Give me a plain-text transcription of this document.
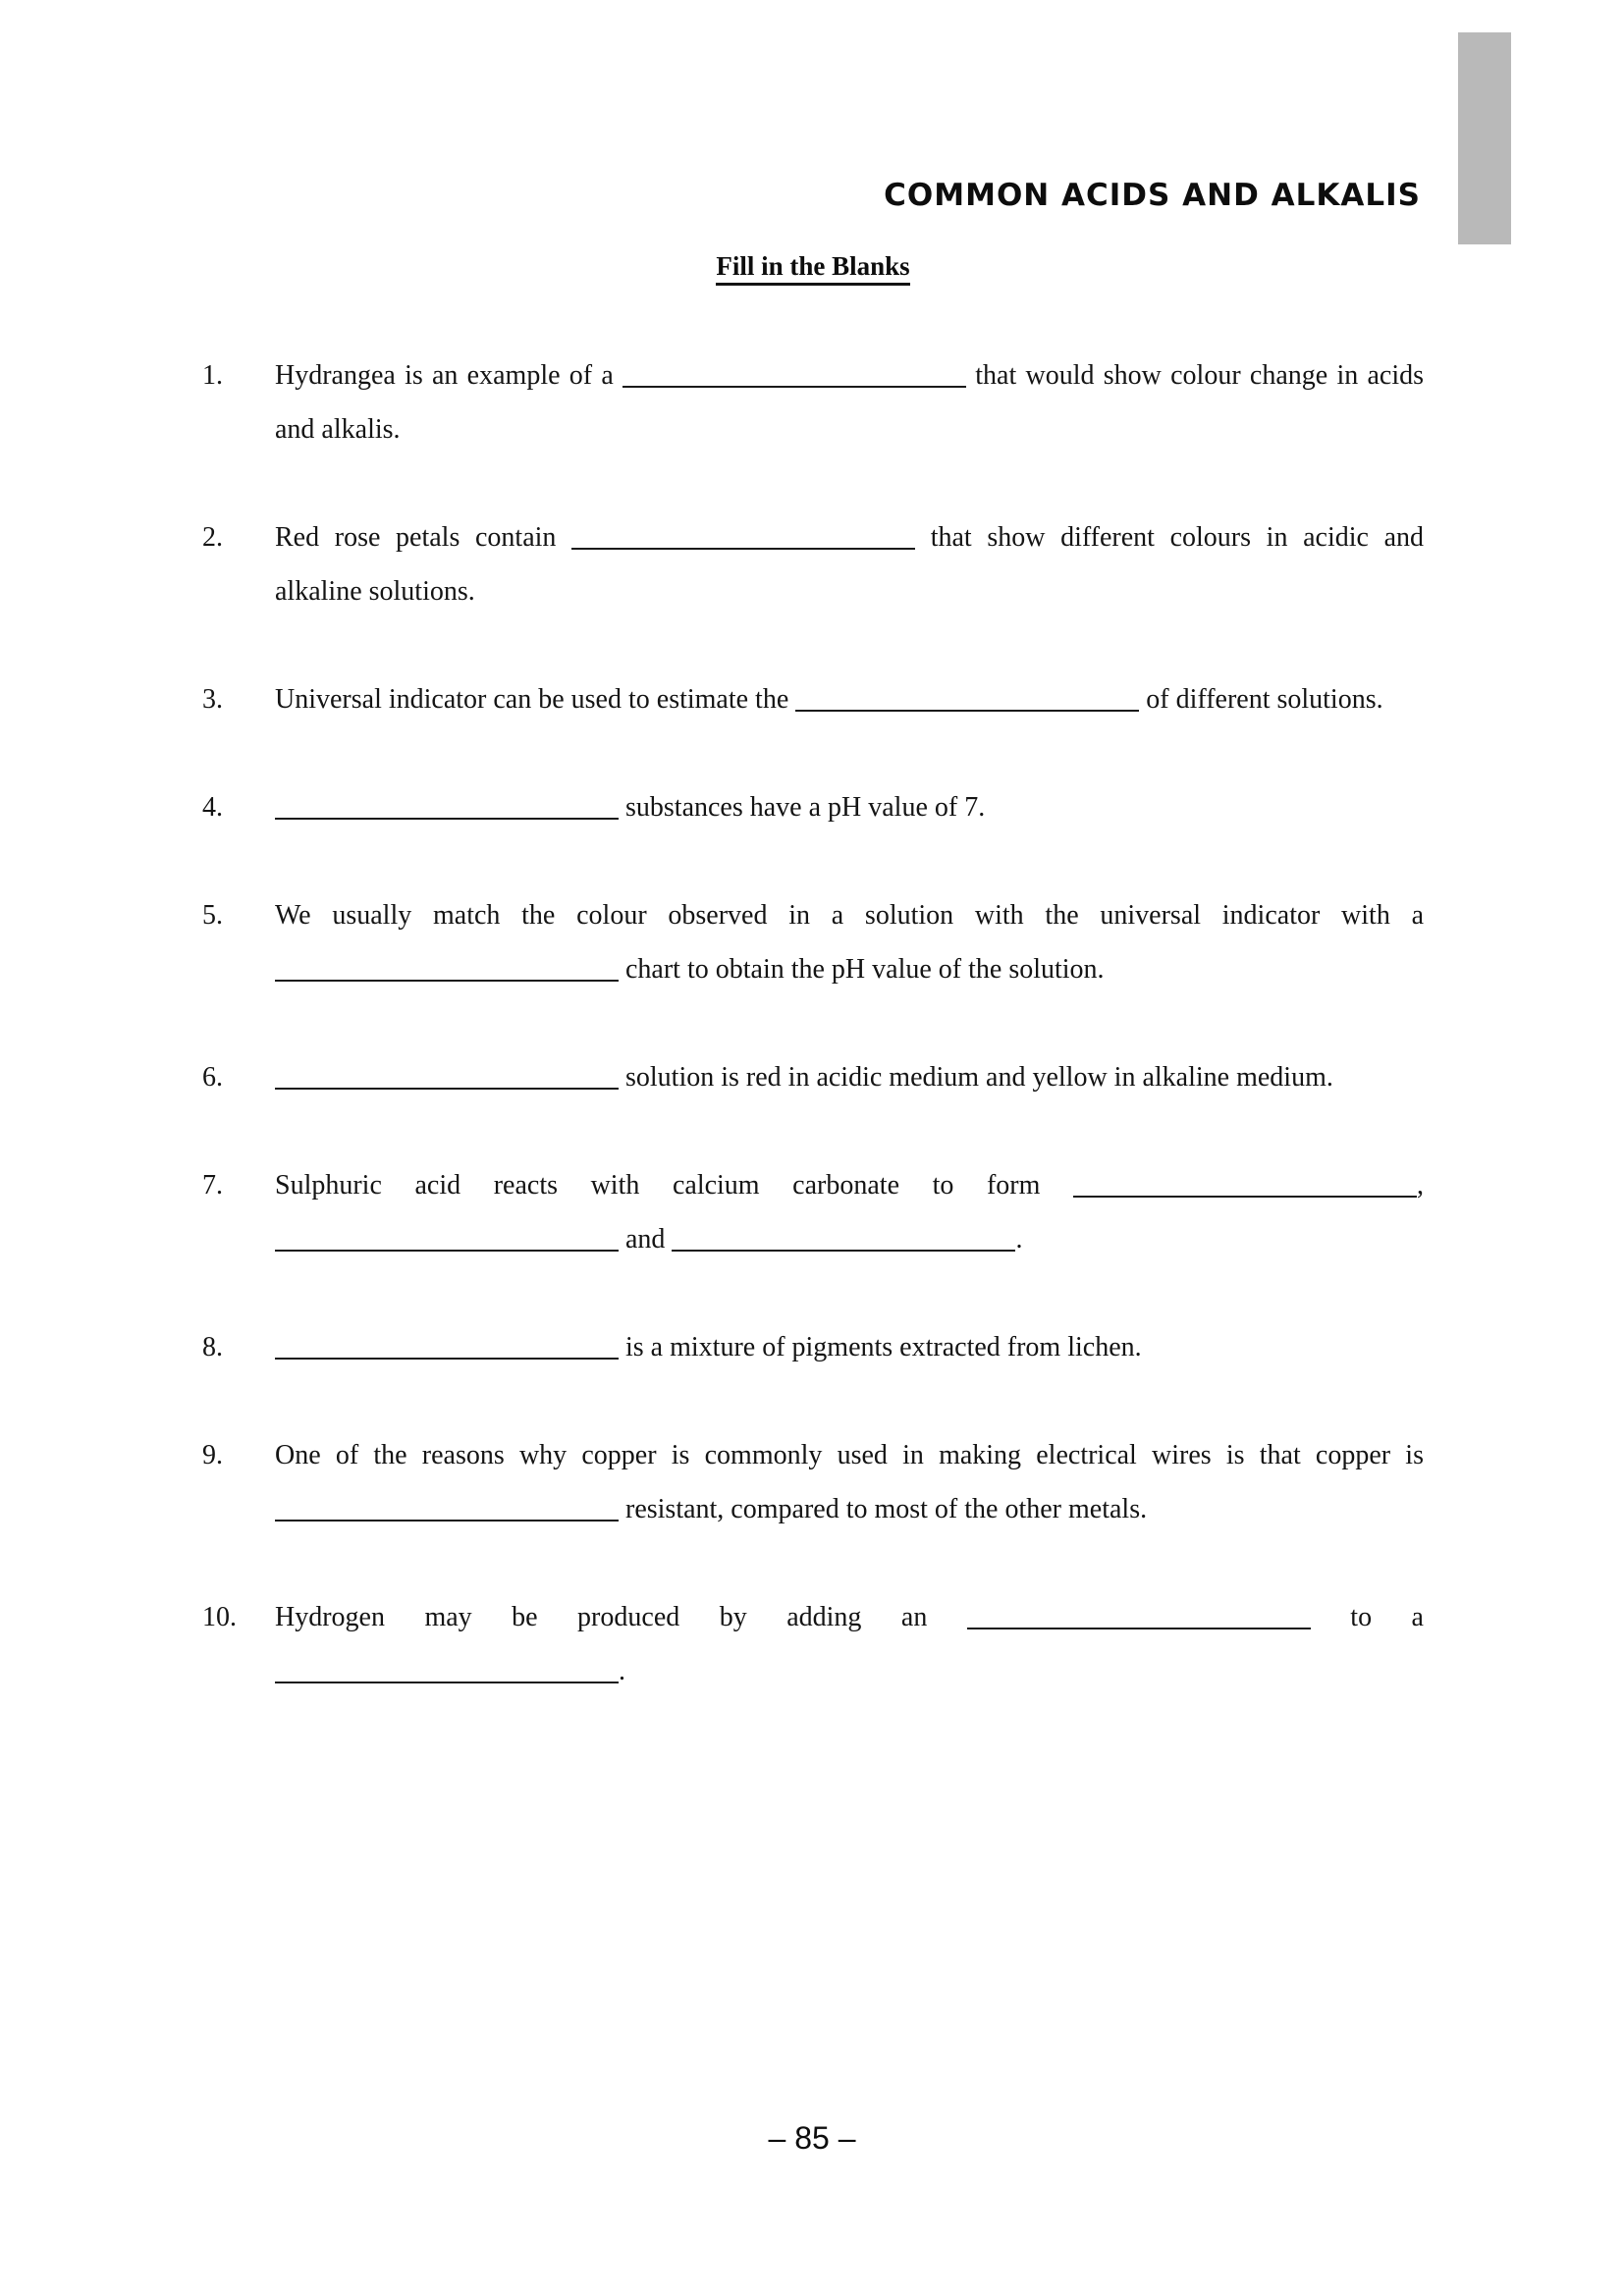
COMMON ACIDS AND ALKALIS
Fill in the Blanks
1.	Hydrangea is an example of a	that would show colour change in acids and alkalis.
2.	Red rose petals contain	that show different colours in acidic and alkaline solutions.
3.	Universal indicator can be used to estimate the	of different solutions.
4.	substances have a pH value of 7.
5.	We usually match the colour observed in a solution with the universal indicator with a  chart to obtain the pH value of the solution.
6.	solution is red in acidic medium and yellow in alkaline medium.
7.	Sulphuric acid reacts with calcium carbonate to form	,  and	.
8.	is a mixture of pigments extracted from lichen.
9.	One of the reasons why copper is commonly used in making electrical wires is that copper is  resistant, compared to most of the other metals.
10.	Hydrogen may be produced by adding an	to a .
– 85 –
